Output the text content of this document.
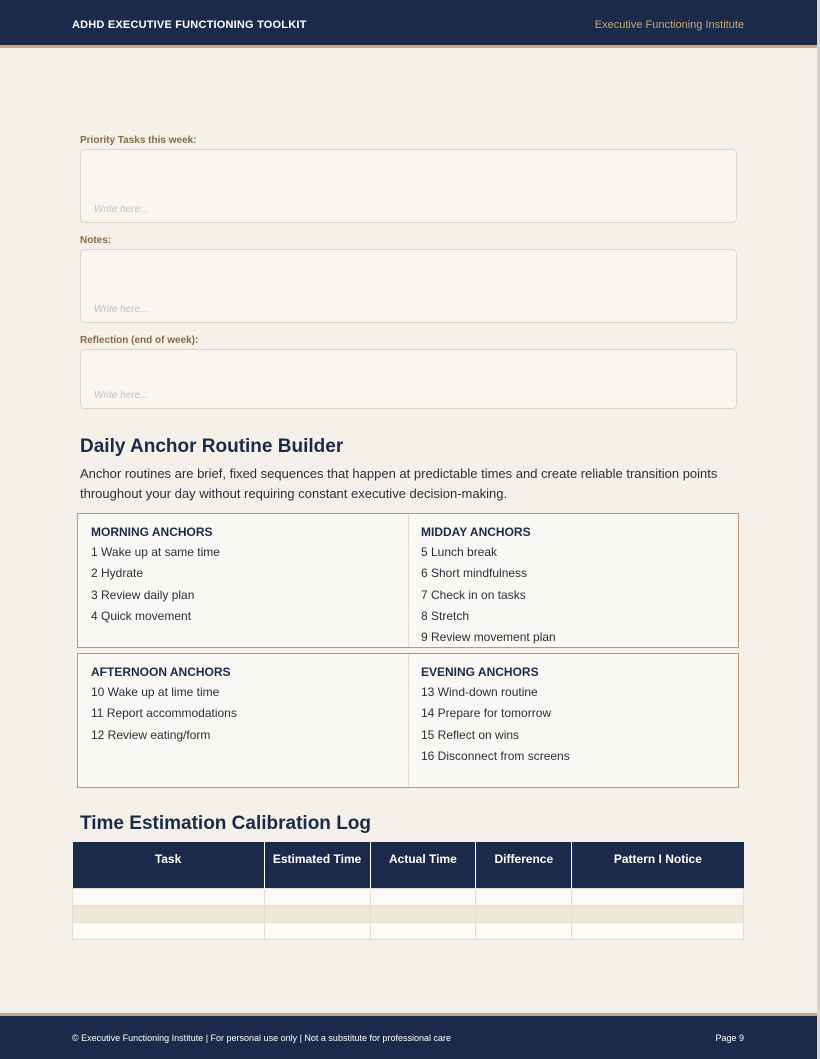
ADHD EXECUTIVE FUNCTIONING TOOLKIT	Executive Functioning Institute
Priority Tasks this week:
Write here...
Notes:
Write here...
Reflection (end of week):
Write here...
Daily Anchor Routine Builder
Anchor routines are brief, fixed sequences that happen at predictable times and create reliable transition points throughout your day without requiring constant executive decision-making.
MORNING ANCHORS
1 Wake up at same time
2 Hydrate
3 Review daily plan
4 Quick movement
MIDDAY ANCHORS
5 Lunch break
6 Short mindfulness
7 Check in on tasks
8 Stretch
9 Review movement plan
AFTERNOON ANCHORS
10 Wake up at lime time
11 Report accommodations
12 Review eating/form
EVENING ANCHORS
13 Wind-down routine
14 Prepare for tomorrow
15 Reflect on wins
16 Disconnect from screens
Time Estimation Calibration Log
Task	Estimated Time	Actual Time	Difference	Pattern I Notice

© Executive Functioning Institute | For personal use only | Not a substitute for professional care	Page 9
